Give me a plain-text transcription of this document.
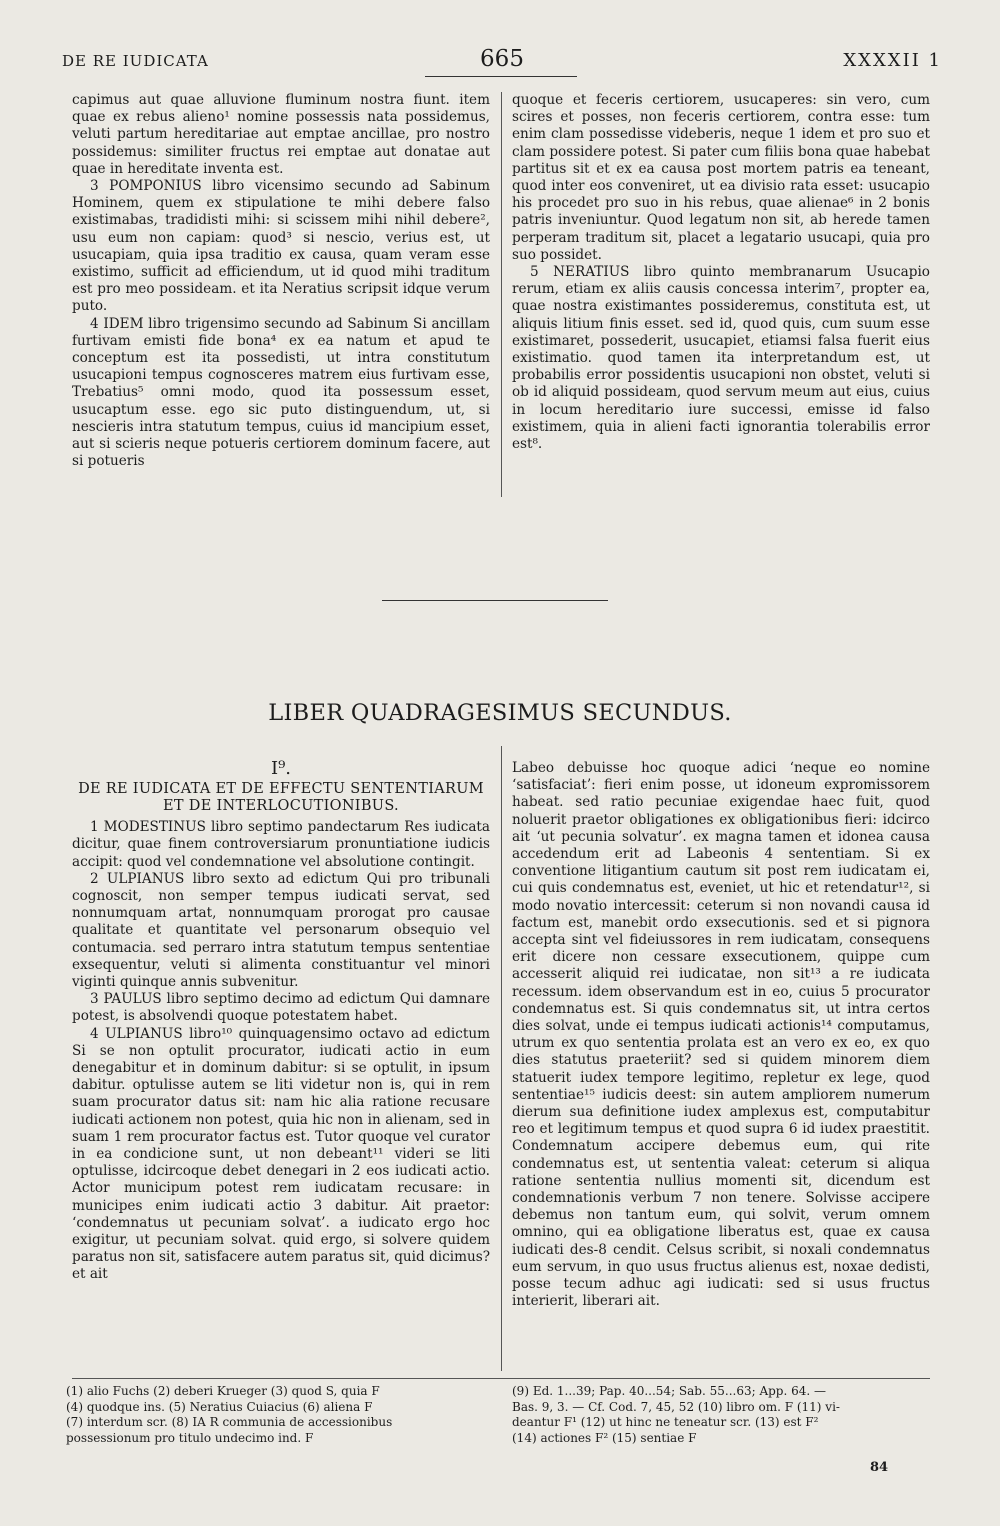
DE RE IUDICATA	665	XXXXII 1

capimus aut quae alluvione fluminum nostra fiunt. item quae ex rebus alieno¹ nomine possessis nata possidemus, veluti partum hereditariae aut emptae ancillae, pro nostro possidemus: similiter fructus rei emptae aut donatae aut quae in hereditate inventa est.

3 POMPONIUS libro vicensimo secundo ad Sabinum Hominem, quem ex stipulatione te mihi debere falso existimabas, tradidisti mihi: si scissem mihi nihil debere², usu eum non capiam: quod³ si nescio, verius est, ut usucapiam, quia ipsa traditio ex causa, quam veram esse existimo, sufficit ad efficiendum, ut id quod mihi traditum est pro meo possideam. et ita Neratius scripsit idque verum puto.

4 IDEM libro trigensimo secundo ad Sabinum Si ancillam furtivam emisti fide bona⁴ ex ea natum et apud te conceptum est ita possedisti, ut intra constitutum usucapioni tempus cognosceres matrem eius furtivam esse, Trebatius⁵ omni modo, quod ita possessum esset, usucaptum esse. ego sic puto distinguendum, ut, si nescieris intra statutum tempus, cuius id mancipium esset, aut si scieris neque potueris certiorem dominum facere, aut si potueris

quoque et feceris certiorem, usucaperes: sin vero, cum scires et posses, non feceris certiorem, contra esse: tum enim clam possedisse videberis, neque 1 idem et pro suo et clam possidere potest. Si pater cum filiis bona quae habebat partitus sit et ex ea causa post mortem patris ea teneant, quod inter eos conveniret, ut ea divisio rata esset: usucapio his procedet pro suo in his rebus, quae alienae⁶ in 2 bonis patris inveniuntur. Quod legatum non sit, ab herede tamen perperam traditum sit, placet a legatario usucapi, quia pro suo possidet.

5 NERATIUS libro quinto membranarum Usucapio rerum, etiam ex aliis causis concessa interim⁷, propter ea, quae nostra existimantes possideremus, constituta est, ut aliquis litium finis esset. sed id, quod quis, cum suum esse existimaret, possederit, usucapiet, etiamsi falsa fuerit eius existimatio. quod tamen ita interpretandum est, ut probabilis error possidentis usucapioni non obstet, veluti si ob id aliquid possideam, quod servum meum aut eius, cuius in locum hereditario iure successi, emisse id falso existimem, quia in alieni facti ignorantia tolerabilis error est⁸.

LIBER QUADRAGESIMUS SECUNDUS.
I⁹.
DE RE IUDICATA ET DE EFFECTU SENTENTIARUM ET DE INTERLOCUTIONIBUS.

1 MODESTINUS libro septimo pandectarum Res iudicata dicitur, quae finem controversiarum pronuntiatione iudicis accipit: quod vel condemnatione vel absolutione contingit.

2 ULPIANUS libro sexto ad edictum Qui pro tribunali cognoscit, non semper tempus iudicati servat, sed nonnumquam artat, nonnumquam prorogat pro causae qualitate et quantitate vel personarum obsequio vel contumacia. sed perraro intra statutum tempus sententiae exsequentur, veluti si alimenta constituantur vel minori viginti quinque annis subvenitur.

3 PAULUS libro septimo decimo ad edictum Qui damnare potest, is absolvendi quoque potestatem habet.

4 ULPIANUS libro¹⁰ quinquagensimo octavo ad edictum Si se non optulit procurator, iudicati actio in eum denegabitur et in dominum dabitur: si se optulit, in ipsum dabitur. optulisse autem se liti videtur non is, qui in rem suam procurator datus sit: nam hic alia ratione recusare iudicati actionem non potest, quia hic non in alienam, sed in suam 1 rem procurator factus est. Tutor quoque vel curator in ea condicione sunt, ut non debeant¹¹ videri se liti optulisse, idcircoque debet denegari in 2 eos iudicati actio. Actor municipum potest rem iudicatam recusare: in municipes enim iudicati actio 3 dabitur. Ait praetor: ‘condemnatus ut pecuniam solvat’. a iudicato ergo hoc exigitur, ut pecuniam solvat. quid ergo, si solvere quidem paratus non sit, satisfacere autem paratus sit, quid dicimus? et ait

Labeo debuisse hoc quoque adici ‘neque eo nomine ‘satisfaciat’: fieri enim posse, ut idoneum expromissorem habeat. sed ratio pecuniae exigendae haec fuit, quod noluerit praetor obligationes ex obligationibus fieri: idcirco ait ‘ut pecunia solvatur’. ex magna tamen et idonea causa accedendum erit ad Labeonis 4 sententiam. Si ex conventione litigantium cautum sit post rem iudicatam ei, cui quis condemnatus est, eveniet, ut hic et retendatur¹², si modo novatio intercessit: ceterum si non novandi causa id factum est, manebit ordo exsecutionis. sed et si pignora accepta sint vel fideiussores in rem iudicatam, consequens erit dicere non cessare exsecutionem, quippe cum accesserit aliquid rei iudicatae, non sit¹³ a re iudicata recessum. idem observandum est in eo, cuius 5 procurator condemnatus est. Si quis condemnatus sit, ut intra certos dies solvat, unde ei tempus iudicati actionis¹⁴ computamus, utrum ex quo sententia prolata est an vero ex eo, ex quo dies statutus praeteriit? sed si quidem minorem diem statuerit iudex tempore legitimo, repletur ex lege, quod sententiae¹⁵ iudicis deest: sin autem ampliorem numerum dierum sua definitione iudex amplexus est, computabitur reo et legitimum tempus et quod supra 6 id iudex praestitit. Condemnatum accipere debemus eum, qui rite condemnatus est, ut sententia valeat: ceterum si aliqua ratione sententia nullius momenti sit, dicendum est condemnationis verbum 7 non tenere. Solvisse accipere debemus non tantum eum, qui solvit, verum omnem omnino, qui ea obligatione liberatus est, quae ex causa iudicati des-8 cendit. Celsus scribit, si noxali condemnatus eum servum, in quo usus fructus alienus est, noxae dedisti, posse tecum adhuc agi iudicati: sed si usus fructus interierit, liberari ait.

(1) alio Fuchs (2) deberi Krueger (3) quod S, quia F
(4) quodque ins. (5) Neratius Cuiacius (6) aliena F
(7) interdum scr. (8) IA R communia de accessionibus
possessionum pro titulo undecimo ind. F
(9) Ed. 1...39; Pap. 40...54; Sab. 55...63; App. 64. —
Bas. 9, 3. — Cf. Cod. 7, 45, 52 (10) libro om. F (11) vi-
deantur F¹ (12) ut hinc ne teneatur scr. (13) est F²
(14) actiones F² (15) sentiae F
84
